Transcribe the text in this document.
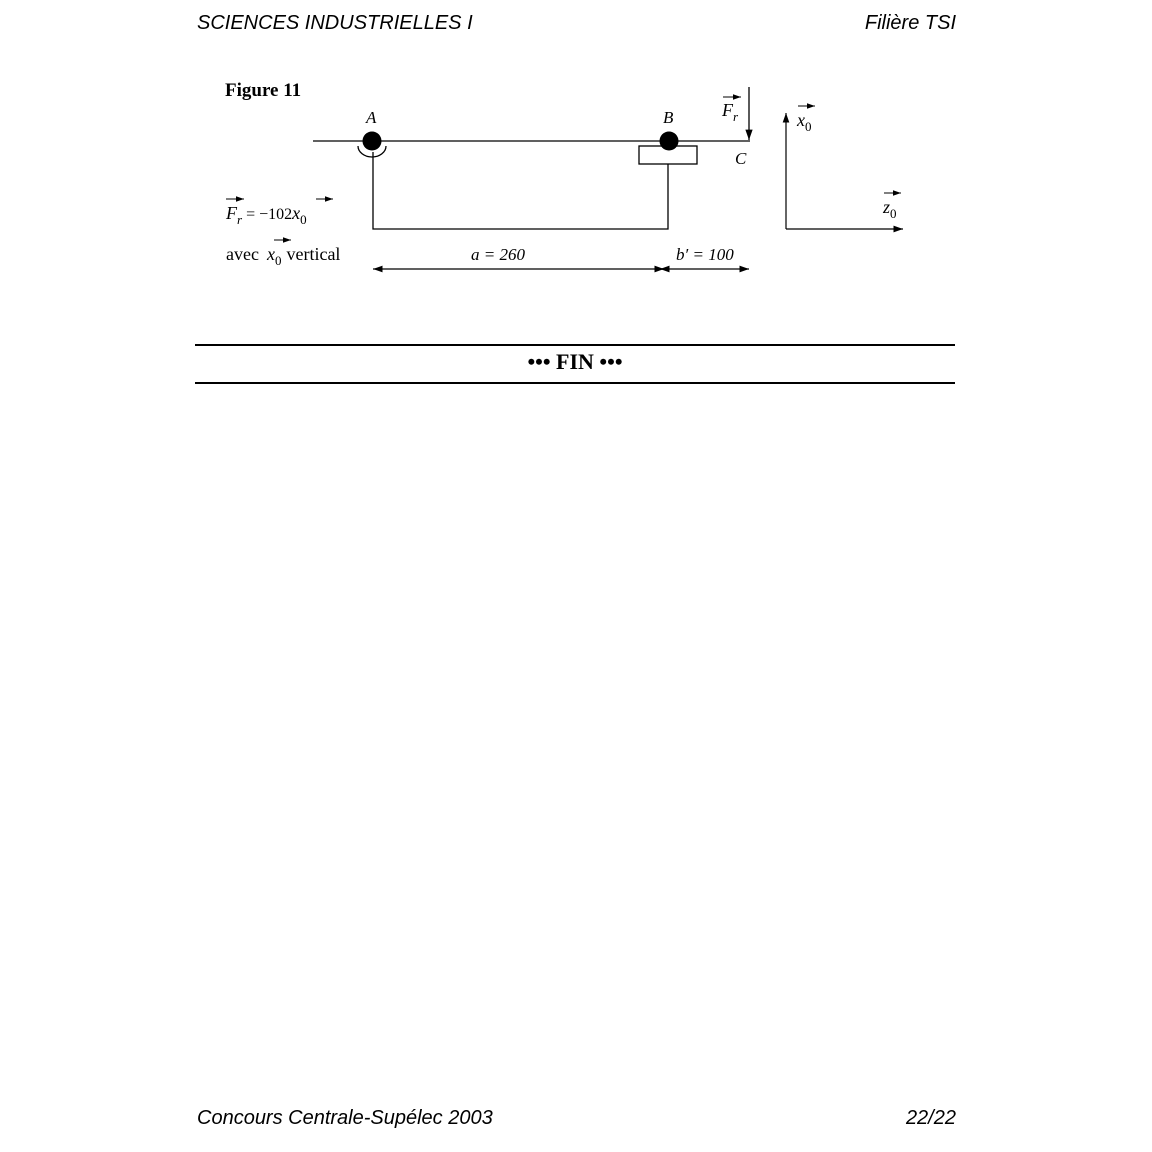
SCIENCES INDUSTRIELLES I	Filière TSI
Figure 11
A	B
C
$F_r$
$F_r = -102x_0$
avec $x_0$ vertical	a = 260	b′ = 100
$x_0$
$z_0$
••• FIN •••
Concours Centrale-Supélec 2003	22/22
